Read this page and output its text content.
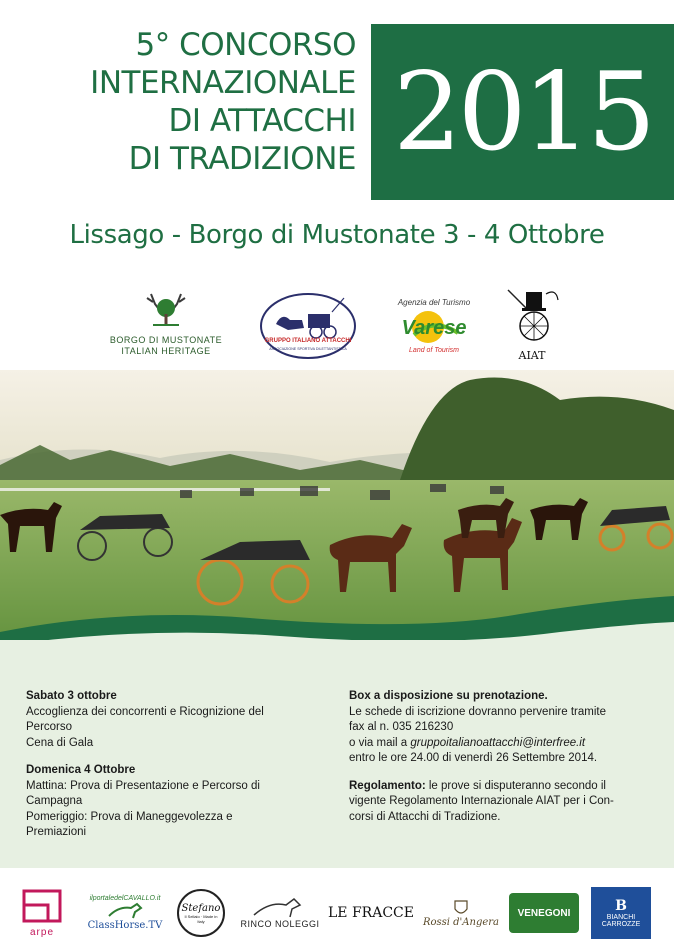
5° CONCORSO
INTERNAZIONALE
DI ATTACCHI
DI TRADIZIONE 2015
Lissago - Borgo di Mustonate 3 - 4 Ottobre
BORGO DI MUSTONATE
ITALIAN HERITAGE
GRUPPO ITALIANO ATTACCHI
ASSOCIAZIONE SPORTIVA DILETTANTISTICA
Agenzia del Turismo
Varese
Land of Tourism	AIAT
Sabato 3 ottobre
Accoglienza dei concorrenti e Ricognizione del
Percorso
Cena di Gala
Domenica 4 Ottobre
Mattina: Prova di Presentazione e Percorso di
Campagna
Pomeriggio: Prova di Maneggevolezza e
Premiazioni
Box a disposizione su prenotazione.
Le schede di iscrizione dovranno pervenire tramite
fax al n. 035 216230
o via mail a gruppoitalianoattacchi@interfree.it
entro le ore 24.00 di venerdì 26 Settembre 2014.
Regolamento: le prove si disputeranno secondo il
vigente Regolamento Internazionale AIAT per i Con-
corsi di Attacchi di Tradizione.
arpe
ilportaledelCAVALLO.it
ClassHorse.TV
Stefano
Il Sellaio · Made in Italy	RINCO NOLEGGI
LE FRACCE
Rossi d'Angera
VENEGONI	B
BIANCHI
CARROZZE
